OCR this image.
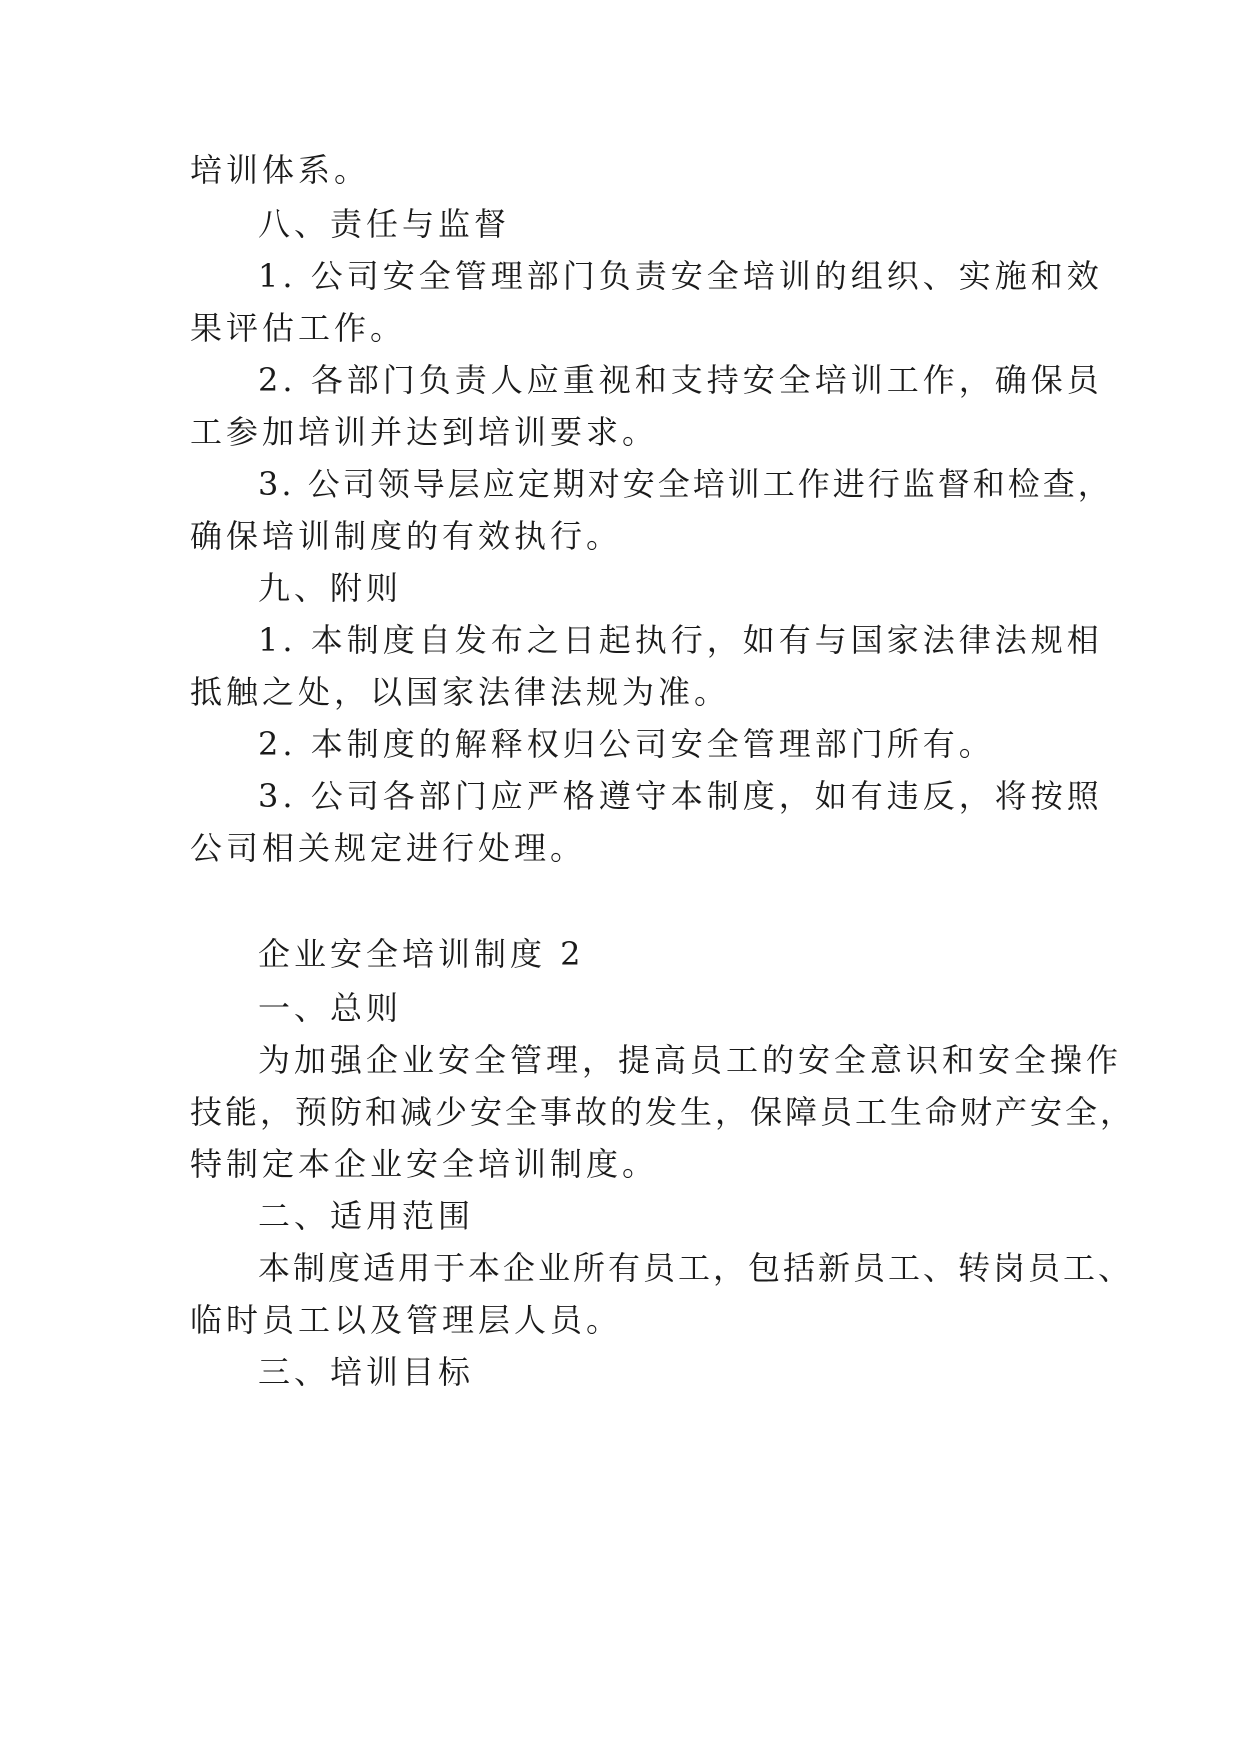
培训体系。
八、责任与监督
1. 公司安全管理部门负责安全培训的组织、实施和效
果评估工作。
2. 各部门负责人应重视和支持安全培训工作，确保员
工参加培训并达到培训要求。
3. 公司领导层应定期对安全培训工作进行监督和检查，
确保培训制度的有效执行。
九、附则
1. 本制度自发布之日起执行，如有与国家法律法规相
抵触之处，以国家法律法规为准。
2. 本制度的解释权归公司安全管理部门所有。
3. 公司各部门应严格遵守本制度，如有违反，将按照
公司相关规定进行处理。
企业安全培训制度 2
一、总则
为加强企业安全管理，提高员工的安全意识和安全操作
技能，预防和减少安全事故的发生，保障员工生命财产安全，
特制定本企业安全培训制度。
二、适用范围
本制度适用于本企业所有员工，包括新员工、转岗员工、
临时员工以及管理层人员。
三、培训目标
